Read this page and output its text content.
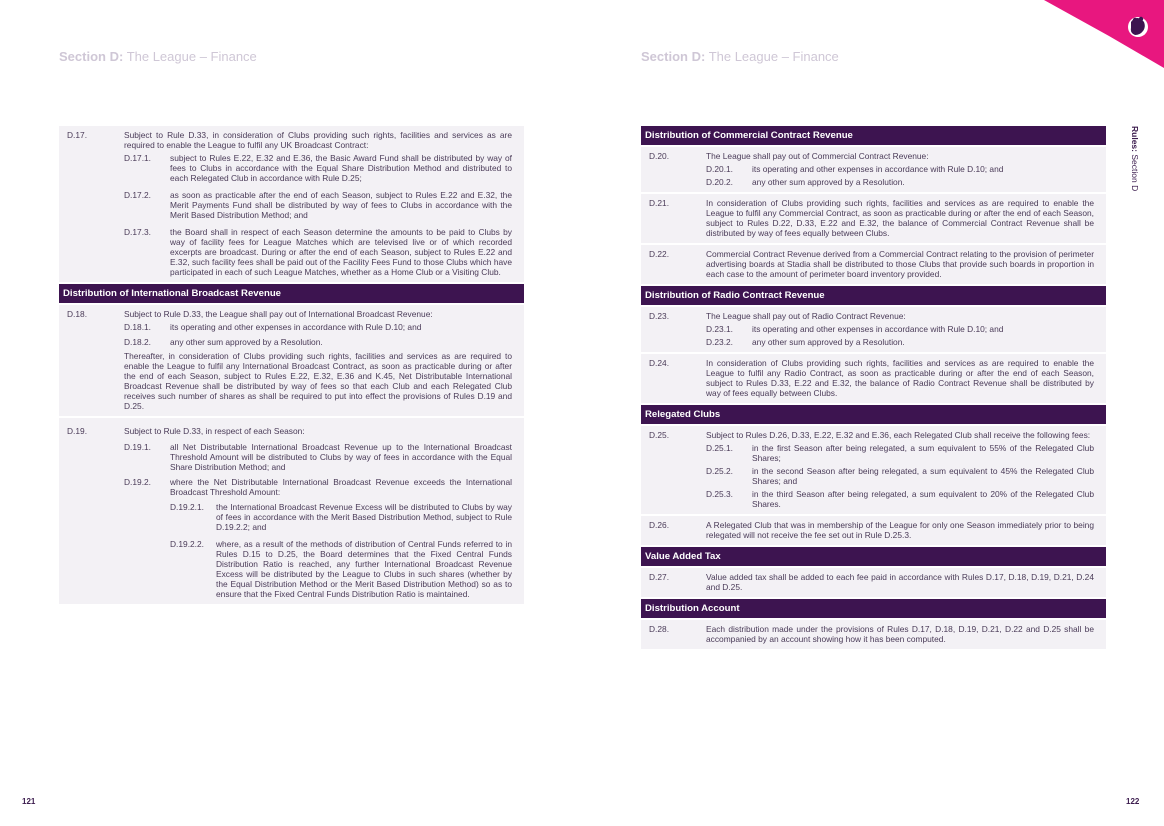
Section D: The League – Finance	Section D: The League – Finance
Rules: Section D
D.17.	Subject to Rule D.33, in consideration of Clubs providing such rights, facilities and services as are required to enable the League to fulfil any UK Broadcast Contract:
D.17.1.	subject to Rules E.22, E.32 and E.36, the Basic Award Fund shall be distributed by way of fees to Clubs in accordance with the Equal Share Distribution Method and distributed to each Relegated Club in accordance with Rule D.25;
D.17.2.	as soon as practicable after the end of each Season, subject to Rules E.22 and E.32, the Merit Payments Fund shall be distributed by way of fees to Clubs in accordance with the Merit Based Distribution Method; and
D.17.3.	the Board shall in respect of each Season determine the amounts to be paid to Clubs by way of facility fees for League Matches which are televised live or of which recorded excerpts are broadcast. During or after the end of each Season, subject to Rules E.22 and E.32, such facility fees shall be paid out of the Facility Fees Fund to those Clubs which have participated in each of such League Matches, whether as a Home Club or a Visiting Club.
Distribution of International Broadcast Revenue
D.18.	Subject to Rule D.33, the League shall pay out of International Broadcast Revenue:
D.18.1.	its operating and other expenses in accordance with Rule D.10; and
D.18.2.	any other sum approved by a Resolution.
Thereafter, in consideration of Clubs providing such rights, facilities and services as are required to enable the League to fulfil any International Broadcast Contract, as soon as practicable during or after the end of each Season, subject to Rules E.22, E.32, E.36 and K.45, Net Distributable International Broadcast Revenue shall be distributed by way of fees so that each Club and each Relegated Club receives such number of shares as shall be required to put into effect the provisions of Rules D.19 and D.25.
D.19.	Subject to Rule D.33, in respect of each Season:
D.19.1.	all Net Distributable International Broadcast Revenue up to the International Broadcast Threshold Amount will be distributed to Clubs by way of fees in accordance with the Equal Share Distribution Method; and
D.19.2.	where the Net Distributable International Broadcast Revenue exceeds the International Broadcast Threshold Amount:
D.19.2.1.	the International Broadcast Revenue Excess will be distributed to Clubs by way of fees in accordance with the Merit Based Distribution Method, subject to Rule D.19.2.2; and
D.19.2.2.	where, as a result of the methods of distribution of Central Funds referred to in Rules D.15 to D.25, the Board determines that the Fixed Central Funds Distribution Ratio is reached, any further International Broadcast Revenue Excess will be distributed by the League to Clubs in such shares (whether by the Equal Distribution Method or the Merit Based Distribution Method) so as to ensure that the Fixed Central Funds Distribution Ratio is maintained.
Distribution of Commercial Contract Revenue
D.20.	The League shall pay out of Commercial Contract Revenue:
D.20.1.	its operating and other expenses in accordance with Rule D.10; and
D.20.2.	any other sum approved by a Resolution.
D.21.	In consideration of Clubs providing such rights, facilities and services as are required to enable the League to fulfil any Commercial Contract, as soon as practicable during or after the end of each Season, subject to Rules D.22, D.33, E.22 and E.32, the balance of Commercial Contract Revenue shall be distributed by way of fees equally between Clubs.
D.22.	Commercial Contract Revenue derived from a Commercial Contract relating to the provision of perimeter advertising boards at Stadia shall be distributed to those Clubs that provide such boards in proportion in each case to the amount of perimeter board inventory provided.
Distribution of Radio Contract Revenue
D.23.	The League shall pay out of Radio Contract Revenue:
D.23.1.	its operating and other expenses in accordance with Rule D.10; and
D.23.2.	any other sum approved by a Resolution.
D.24.	In consideration of Clubs providing such rights, facilities and services as are required to enable the League to fulfil any Radio Contract, as soon as practicable during or after the end of each Season, subject to Rules D.33, E.22 and E.32, the balance of Radio Contract Revenue shall be distributed by way of fees equally between Clubs.
Relegated Clubs
D.25.	Subject to Rules D.26, D.33, E.22, E.32 and E.36, each Relegated Club shall receive the following fees:
D.25.1.	in the first Season after being relegated, a sum equivalent to 55% of the Relegated Club Shares;
D.25.2.	in the second Season after being relegated, a sum equivalent to 45% the Relegated Club Shares; and
D.25.3.	in the third Season after being relegated, a sum equivalent to 20% of the Relegated Club Shares.
D.26.	A Relegated Club that was in membership of the League for only one Season immediately prior to being relegated will not receive the fee set out in Rule D.25.3.
Value Added Tax
D.27.	Value added tax shall be added to each fee paid in accordance with Rules D.17, D.18, D.19, D.21, D.24 and D.25.
Distribution Account
D.28.	Each distribution made under the provisions of Rules D.17, D.18, D.19, D.21, D.22 and D.25 shall be accompanied by an account showing how it has been computed.
121	122
